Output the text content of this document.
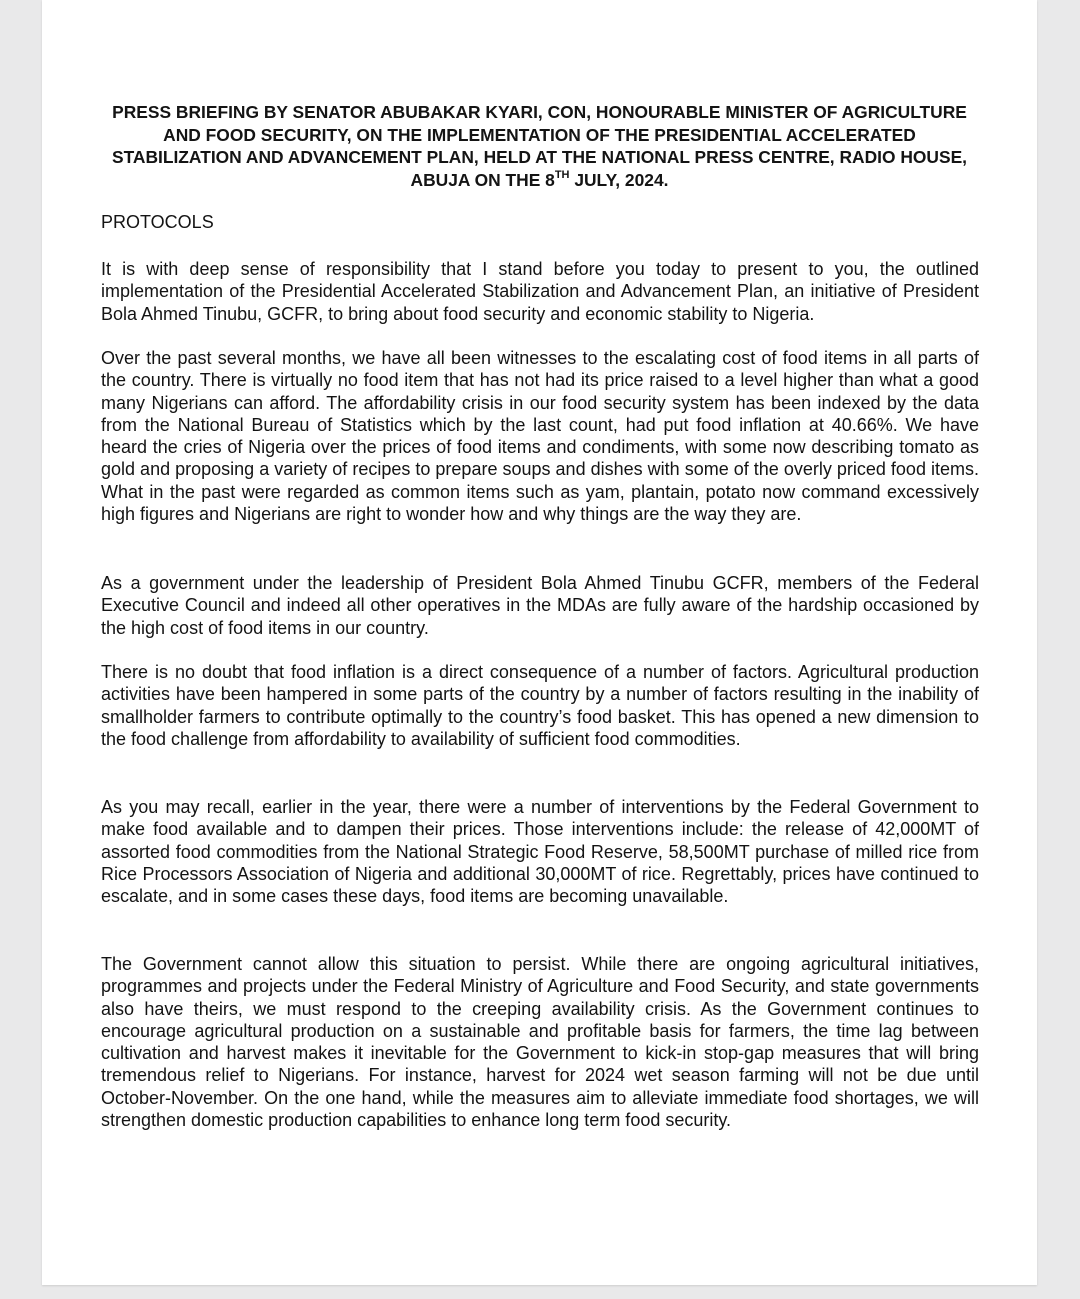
PRESS BRIEFING BY SENATOR ABUBAKAR KYARI, CON, HONOURABLE MINISTER OF AGRICULTURE AND FOOD SECURITY, ON THE IMPLEMENTATION OF THE PRESIDENTIAL ACCELERATED STABILIZATION AND ADVANCEMENT PLAN, HELD AT THE NATIONAL PRESS CENTRE, RADIO HOUSE, ABUJA ON THE 8TH JULY, 2024.

PROTOCOLS

It is with deep sense of responsibility that I stand before you today to present to you, the outlined implementation of the Presidential Accelerated Stabilization and Advancement Plan, an initiative of President Bola Ahmed Tinubu, GCFR, to bring about food security and economic stability to Nigeria.

Over the past several months, we have all been witnesses to the escalating cost of food items in all parts of the country. There is virtually no food item that has not had its price raised to a level higher than what a good many Nigerians can afford. The affordability crisis in our food security system has been indexed by the data from the National Bureau of Statistics which by the last count, had put food inflation at 40.66%. We have heard the cries of Nigeria over the prices of food items and condiments, with some now describing tomato as gold and proposing a variety of recipes to prepare soups and dishes with some of the overly priced food items. What in the past were regarded as common items such as yam, plantain, potato now command excessively high figures and Nigerians are right to wonder how and why things are the way they are.

As a government under the leadership of President Bola Ahmed Tinubu GCFR, members of the Federal Executive Council and indeed all other operatives in the MDAs are fully aware of the hardship occasioned by the high cost of food items in our country.

There is no doubt that food inflation is a direct consequence of a number of factors. Agricultural production activities have been hampered in some parts of the country by a number of factors resulting in the inability of smallholder farmers to contribute optimally to the country’s food basket. This has opened a new dimension to the food challenge from affordability to availability of sufficient food commodities.

As you may recall, earlier in the year, there were a number of interventions by the Federal Government to make food available and to dampen their prices. Those interventions include: the release of 42,000MT of assorted food commodities from the National Strategic Food Reserve, 58,500MT purchase of milled rice from Rice Processors Association of Nigeria and additional 30,000MT of rice. Regrettably, prices have continued to escalate, and in some cases these days, food items are becoming unavailable.

The Government cannot allow this situation to persist. While there are ongoing agricultural initiatives, programmes and projects under the Federal Ministry of Agriculture and Food Security, and state governments also have theirs, we must respond to the creeping availability crisis. As the Government continues to encourage agricultural production on a sustainable and profitable basis for farmers, the time lag between cultivation and harvest makes it inevitable for the Government to kick-in stop-gap measures that will bring tremendous relief to Nigerians. For instance, harvest for 2024 wet season farming will not be due until October-November. On the one hand, while the measures aim to alleviate immediate food shortages, we will strengthen domestic production capabilities to enhance long term food security.
